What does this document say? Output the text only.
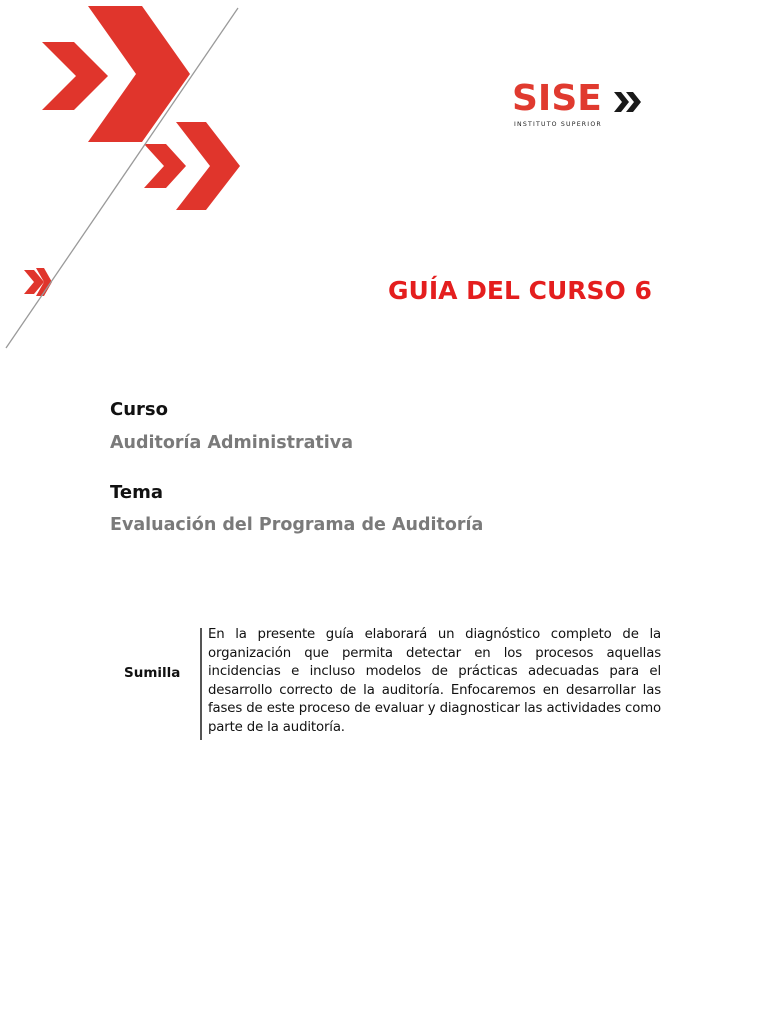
SISE
INSTITUTO SUPERIOR
GUÍA DEL CURSO 6
Curso
Auditoría Administrativa
Tema
Evaluación del Programa de Auditoría
Sumilla
En la presente guía elaborará un diagnóstico completo de la organización que permita detectar en los procesos aquellas incidencias e incluso modelos de prácticas adecuadas para el desarrollo correcto de la auditoría. Enfocaremos en desarrollar las fases de este proceso de evaluar y diagnosticar las actividades como parte de la auditoría.
